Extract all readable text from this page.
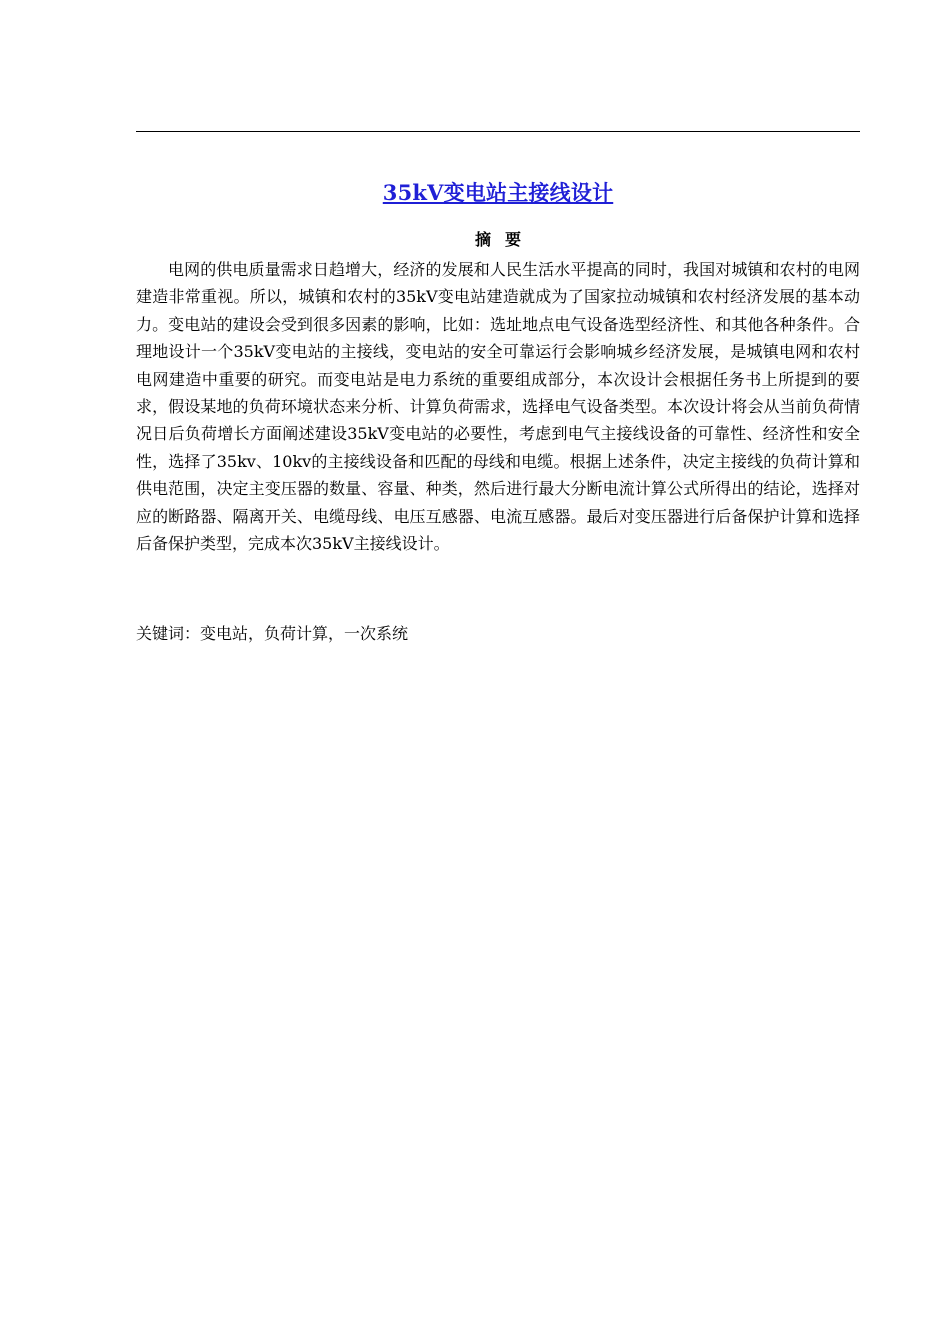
35kV变电站主接线设计
摘要

电网的供电质量需求日趋增大，经济的发展和人民生活水平提高的同时，我国对城镇和农村的电网建造非常重视。所以，城镇和农村的35kV变电站建造就成为了国家拉动城镇和农村经济发展的基本动力。变电站的建设会受到很多因素的影响，比如：选址地点电气设备选型经济性、和其他各种条件。合理地设计一个35kV变电站的主接线，变电站的安全可靠运行会影响城乡经济发展，是城镇电网和农村电网建造中重要的研究。而变电站是电力系统的重要组成部分，本次设计会根据任务书上所提到的要求，假设某地的负荷环境状态来分析、计算负荷需求，选择电气设备类型。本次设计将会从当前负荷情况日后负荷增长方面阐述建设35kV变电站的必要性，考虑到电气主接线设备的可靠性、经济性和安全性，选择了35kv、10kv的主接线设备和匹配的母线和电缆。根据上述条件，决定主接线的负荷计算和供电范围，决定主变压器的数量、容量、种类，然后进行最大分断电流计算公式所得出的结论，选择对应的断路器、隔离开关、电缆母线、电压互感器、电流互感器。最后对变压器进行后备保护计算和选择后备保护类型，完成本次35kV主接线设计。

关键词：变电站，负荷计算，一次系统
